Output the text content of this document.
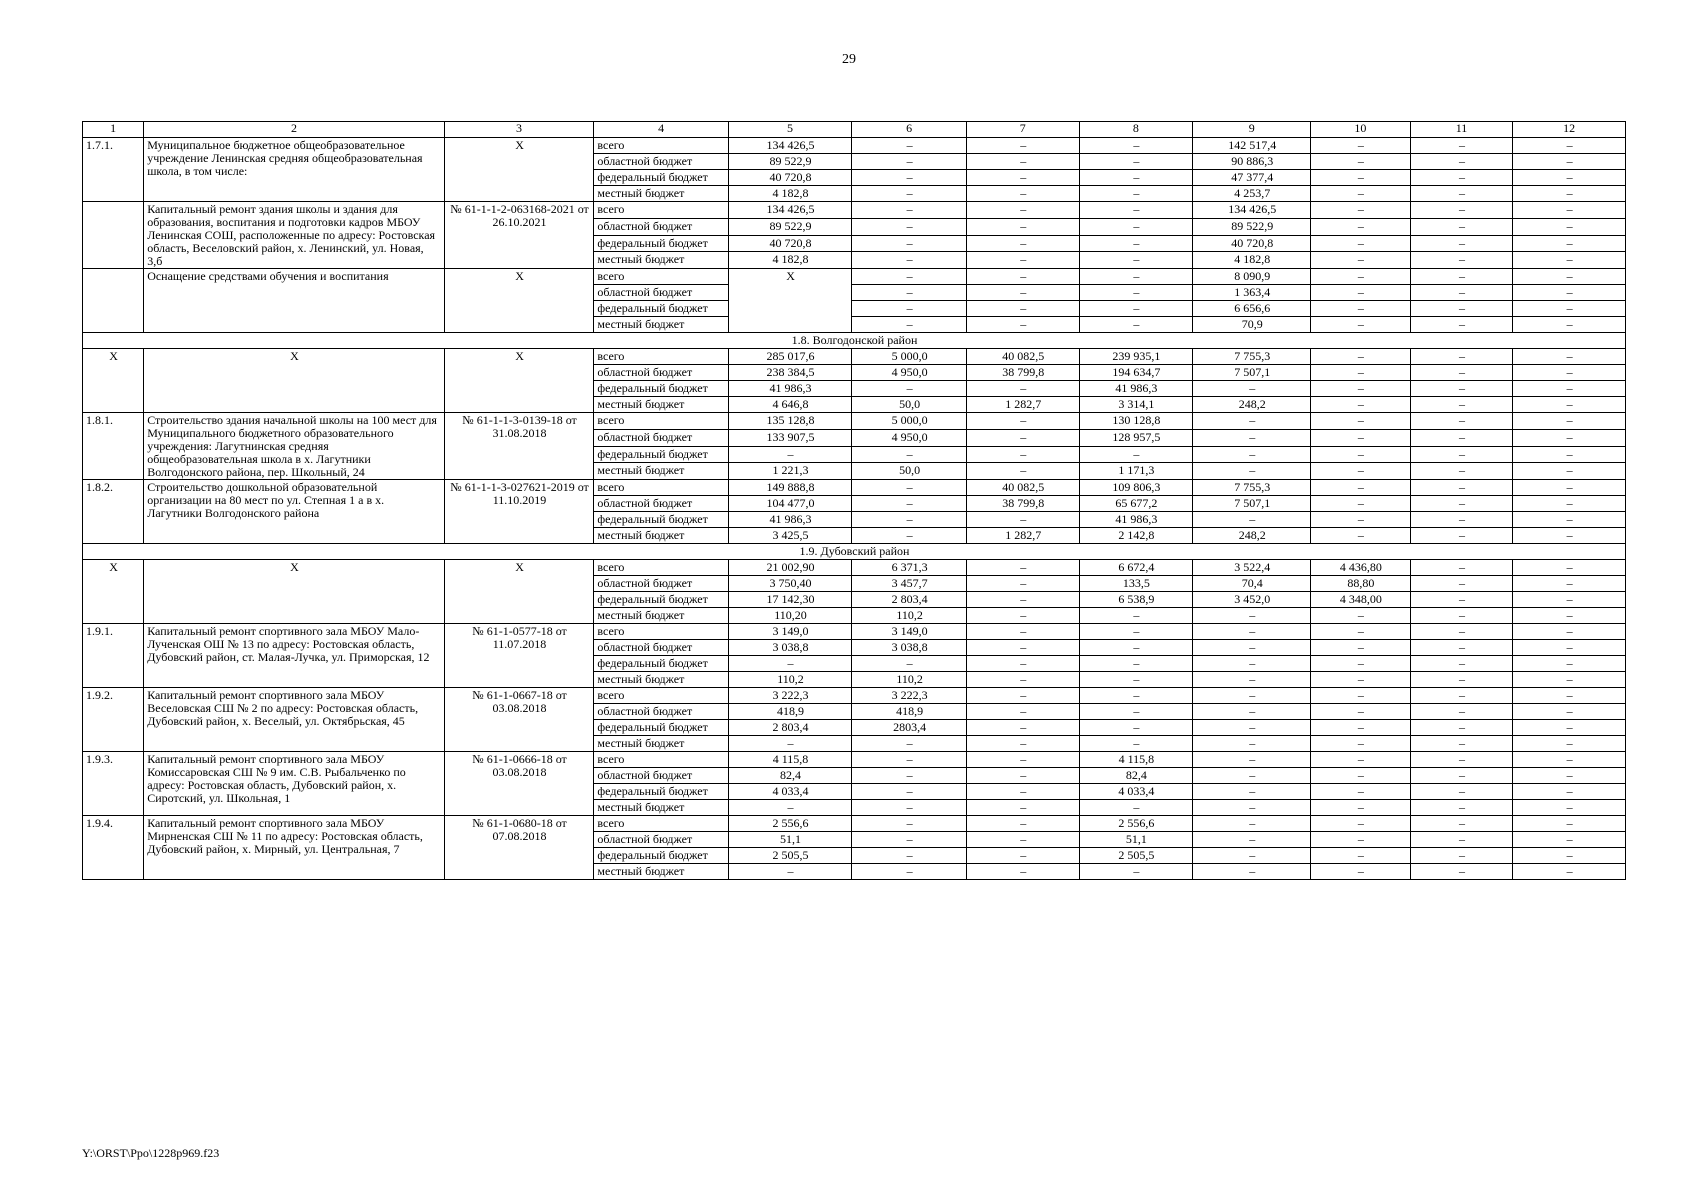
29
1	2	3	4	5	6	7	8	9	10	11	12
1.7.1.	Муниципальное бюджетное общеобразовательное учреждение Ленинская средняя общеобразовательная школа, в том числе:	X	всего	134 426,5	–	–	–	142 517,4	–	–	–
			областной бюджет	89 522,9	–	–	–	90 886,3	–	–	–
			федеральный бюджет	40 720,8	–	–	–	47 377,4	–	–	–
			местный бюджет	4 182,8	–	–	–	4 253,7	–	–	–
	Капитальный ремонт здания школы и здания для образования, воспитания и подготовки кадров МБОУ Ленинская СОШ, расположенные по адресу: Ростовская область, Веселовский район, х. Ленинский, ул. Новая, 3,б	№ 61-1-1-2-063168-2021 от 26.10.2021	всего	134 426,5	–	–	–	134 426,5	–	–	–
			областной бюджет	89 522,9	–	–	–	89 522,9	–	–	–
			федеральный бюджет	40 720,8	–	–	–	40 720,8	–	–	–
			местный бюджет	4 182,8	–	–	–	4 182,8	–	–	–
	Оснащение средствами обучения и воспитания	X	всего	X	–	–	–	8 090,9	–	–	–
			областной бюджет		–	–	–	1 363,4	–	–	–
			федеральный бюджет		–	–	–	6 656,6	–	–	–
			местный бюджет		–	–	–	70,9	–	–	–
1.8. Волгодонской район											
X	X	X	всего	285 017,6	5 000,0	40 082,5	239 935,1	7 755,3	–	–	–
			областной бюджет	238 384,5	4 950,0	38 799,8	194 634,7	7 507,1	–	–	–
			федеральный бюджет	41 986,3	–	–	41 986,3	–	–	–	–
			местный бюджет	4 646,8	50,0	1 282,7	3 314,1	248,2	–	–	–
1.8.1.	Строительство здания начальной школы на 100 мест для Муниципального бюджетного образовательного учреждения: Лагутнинская средняя общеобразовательная школа в х. Лагутники Волгодонского района, пер. Школьный, 24	№ 61-1-1-3-0139-18 от 31.08.2018	всего	135 128,8	5 000,0	–	130 128,8	–	–	–	–
			областной бюджет	133 907,5	4 950,0	–	128 957,5	–	–	–	–
			федеральный бюджет	–	–	–	–	–	–	–	–
			местный бюджет	1 221,3	50,0	–	1 171,3	–	–	–	–
1.8.2.	Строительство дошкольной образовательной организации на 80 мест по ул. Степная 1 а в х. Лагутники Волгодонского района	№ 61-1-1-3-027621-2019 от 11.10.2019	всего	149 888,8	–	40 082,5	109 806,3	7 755,3	–	–	–
			областной бюджет	104 477,0	–	38 799,8	65 677,2	7 507,1	–	–	–
			федеральный бюджет	41 986,3	–	–	41 986,3	–	–	–	–
			местный бюджет	3 425,5	–	1 282,7	2 142,8	248,2	–	–	–
1.9. Дубовский район											
X	X	X	всего	21 002,90	6 371,3	–	6 672,4	3 522,4	4 436,80	–	–
			областной бюджет	3 750,40	3 457,7	–	133,5	70,4	88,80	–	–
			федеральный бюджет	17 142,30	2 803,4	–	6 538,9	3 452,0	4 348,00	–	–
			местный бюджет	110,20	110,2	–	–	–	–	–	–
1.9.1.	Капитальный ремонт спортивного зала МБОУ Мало-Лученская ОШ № 13 по адресу: Ростовская область, Дубовский район, ст. Малая-Лучка, ул. Приморская, 12	№ 61-1-0577-18 от 11.07.2018	всего	3 149,0	3 149,0	–	–	–	–	–	–
			областной бюджет	3 038,8	3 038,8	–	–	–	–	–	–
			федеральный бюджет	–	–	–	–	–	–	–	–
			местный бюджет	110,2	110,2	–	–	–	–	–	–
1.9.2.	Капитальный ремонт спортивного зала МБОУ Веселовская СШ № 2 по адресу: Ростовская область, Дубовский район, х. Веселый, ул. Октябрьская, 45	№ 61-1-0667-18 от 03.08.2018	всего	3 222,3	3 222,3	–	–	–	–	–	–
			областной бюджет	418,9	418,9	–	–	–	–	–	–
			федеральный бюджет	2 803,4	2803,4	–	–	–	–	–	–
			местный бюджет	–	–	–	–	–	–	–	–
1.9.3.	Капитальный ремонт спортивного зала МБОУ Комиссаровская СШ № 9 им. С.В. Рыбальченко по адресу: Ростовская область, Дубовский район, х. Сиротский, ул. Школьная, 1	№ 61-1-0666-18 от 03.08.2018	всего	4 115,8	–	–	4 115,8	–	–	–	–
			областной бюджет	82,4	–	–	82,4	–	–	–	–
			федеральный бюджет	4 033,4	–	–	4 033,4	–	–	–	–
			местный бюджет	–	–	–	–	–	–	–	–
1.9.4.	Капитальный ремонт спортивного зала МБОУ Мирненская СШ № 11 по адресу: Ростовская область, Дубовский район, х. Мирный, ул. Центральная, 7	№ 61-1-0680-18 от 07.08.2018	всего	2 556,6	–	–	2 556,6	–	–	–	–
			областной бюджет	51,1	–	–	51,1	–	–	–	–
			федеральный бюджет	2 505,5	–	–	2 505,5	–	–	–	–
			местный бюджет	–	–	–	–	–	–	–	–
Y:\ORST\Ppo\1228p969.f23
